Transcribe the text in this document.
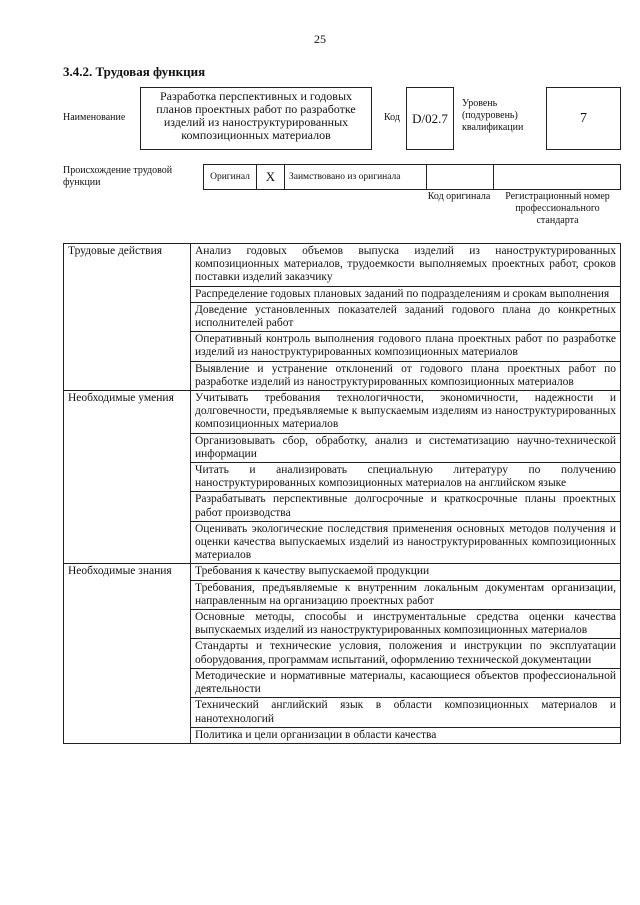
25
3.4.2. Трудовая функция
Наименование
Разработка перспективных и годовых планов проектных работ по разработке изделий из наноструктурированных композиционных материалов
Код D/02.7
Уровень (подуровень) квалификации
7
Происхождение трудовой функции	Оригинал X Заимствовано из оригинала
Код оригинала	Регистрационный номер профессионального стандарта
Трудовые действия	Анализ годовых объемов выпуска изделий из наноструктурированных композиционных материалов, трудоемкости выполняемых проектных работ, сроков поставки изделий заказчику
	Распределение годовых плановых заданий по подразделениям и срокам выполнения
	Доведение установленных показателей заданий годового плана до конкретных исполнителей работ
	Оперативный контроль выполнения годового плана проектных работ по разработке изделий из наноструктурированных композиционных материалов
	Выявление и устранение отклонений от годового плана проектных работ по разработке изделий из наноструктурированных композиционных материалов
Необходимые умения	Учитывать требования технологичности, экономичности, надежности и долговечности, предъявляемые к выпускаемым изделиям из наноструктурированных композиционных материалов
	Организовывать сбор, обработку, анализ и систематизацию научно-технической информации
	Читать и анализировать специальную литературу по получению наноструктурированных композиционных материалов на английском языке
	Разрабатывать перспективные долгосрочные и краткосрочные планы проектных работ производства
	Оценивать экологические последствия применения основных методов получения и оценки качества выпускаемых изделий из наноструктурированных композиционных материалов
Необходимые знания	Требования к качеству выпускаемой продукции
	Требования, предъявляемые к внутренним локальным документам организации, направленным на организацию проектных работ
	Основные методы, способы и инструментальные средства оценки качества выпускаемых изделий из наноструктурированных композиционных материалов
	Стандарты и технические условия, положения и инструкции по эксплуатации оборудования, программам испытаний, оформлению технической документации
	Методические и нормативные материалы, касающиеся объектов профессиональной деятельности
	Технический английский язык в области композиционных материалов и нанотехнологий
	Политика и цели организации в области качества
